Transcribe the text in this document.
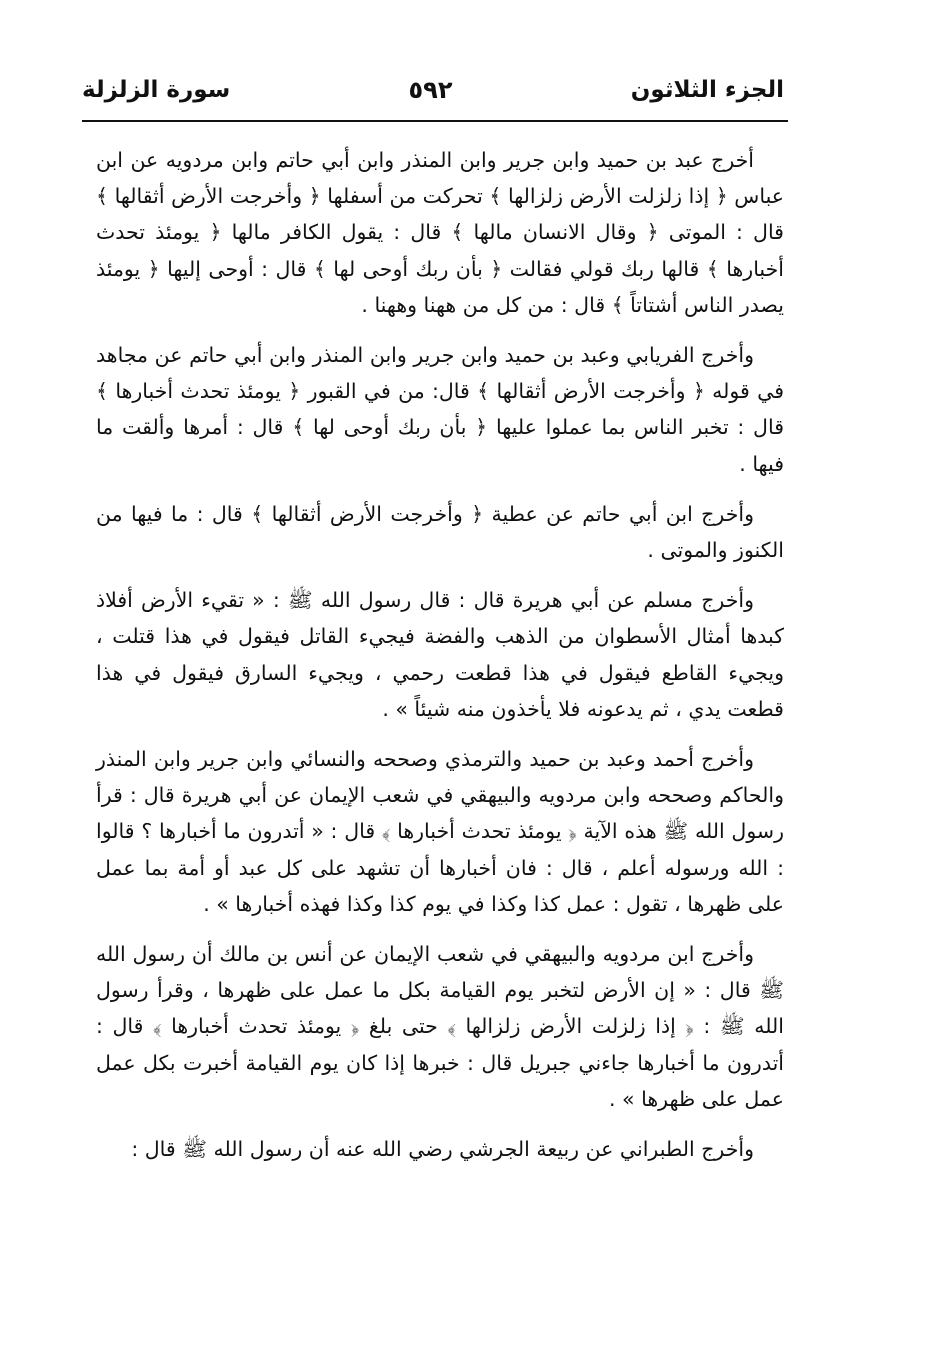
الجزء الثلاثون
٥٩٢
سورة الزلزلة

أخرج عبد بن حميد وابن جرير وابن المنذر وابن أبي حاتم وابن مردويه عن ابن عباس ﴿ إذا زلزلت الأرض زلزالها ﴾ تحركت من أسفلها ﴿ وأخرجت الأرض أثقالها ﴾ قال : الموتى ﴿ وقال الانسان مالها ﴾ قال : يقول الكافر مالها ﴿ يومئذ تحدث أخبارها ﴾ قالها ربك قولي فقالت ﴿ بأن ربك أوحى لها ﴾ قال : أوحى إليها ﴿ يومئذ يصدر الناس أشتاتاً ﴾ قال : من كل من ههنا وههنا .

وأخرج الفريابي وعبد بن حميد وابن جرير وابن المنذر وابن أبي حاتم عن مجاهد في قوله ﴿ وأخرجت الأرض أثقالها ﴾ قال: من في القبور ﴿ يومئذ تحدث أخبارها ﴾ قال : تخبر الناس بما عملوا عليها ﴿ بأن ربك أوحى لها ﴾ قال : أمرها وألقت ما فيها .

وأخرج ابن أبي حاتم عن عطية ﴿ وأخرجت الأرض أثقالها ﴾ قال : ما فيها من الكنوز والموتى .

وأخرج مسلم عن أبي هريرة قال : قال رسول الله ﷺ : « تقيء الأرض أفلاذ كبدها أمثال الأسطوان من الذهب والفضة فيجيء القاتل فيقول في هذا قتلت ، ويجيء القاطع فيقول في هذا قطعت رحمي ، ويجيء السارق فيقول في هذا قطعت يدي ، ثم يدعونه فلا يأخذون منه شيئاً » .

وأخرج أحمد وعبد بن حميد والترمذي وصححه والنسائي وابن جرير وابن المنذر والحاكم وصححه وابن مردويه والبيهقي في شعب الإيمان عن أبي هريرة قال : قرأ رسول الله ﷺ هذه الآية ﴿ يومئذ تحدث أخبارها ﴾ قال : « أتدرون ما أخبارها ؟ قالوا : الله ورسوله أعلم ، قال : فان أخبارها أن تشهد على كل عبد أو أمة بما عمل على ظهرها ، تقول : عمل كذا وكذا في يوم كذا وكذا فهذه أخبارها » .

وأخرج ابن مردويه والبيهقي في شعب الإيمان عن أنس بن مالك أن رسول الله ﷺ قال : « إن الأرض لتخبر يوم القيامة بكل ما عمل على ظهرها ، وقرأ رسول الله ﷺ : ﴿ إذا زلزلت الأرض زلزالها ﴾ حتى بلغ ﴿ يومئذ تحدث أخبارها ﴾ قال : أتدرون ما أخبارها جاءني جبريل قال : خبرها إذا كان يوم القيامة أخبرت بكل عمل عمل على ظهرها » .

وأخرج الطبراني عن ربيعة الجرشي رضي الله عنه أن رسول الله ﷺ قال :
